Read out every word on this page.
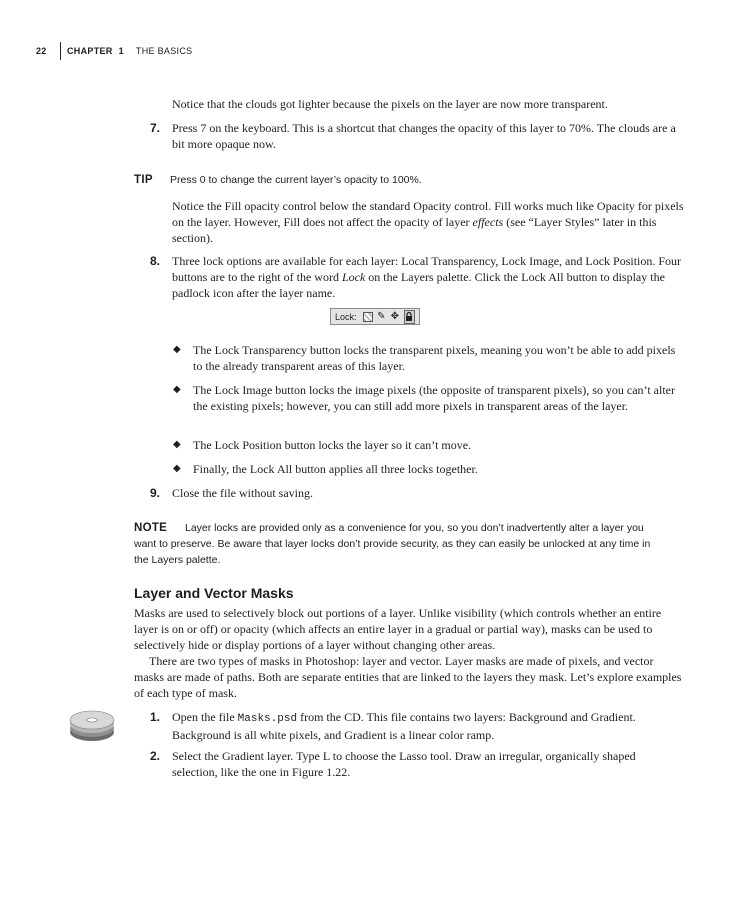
22	CHAPTER 1 THE BASICS

Notice that the clouds got lighter because the pixels on the layer are now more transparent.

7. Press 7 on the keyboard. This is a shortcut that changes the opacity of this layer to 70%. The clouds are a bit more opaque now.

TIP Press 0 to change the current layer’s opacity to 100%.

Notice the Fill opacity control below the standard Opacity control. Fill works much like Opacity for pixels on the layer. However, Fill does not affect the opacity of layer effects (see “Layer Styles” later in this section).

8. Three lock options are available for each layer: Local Transparency, Lock Image, and Lock Position. Four buttons are to the right of the word Lock on the Layers palette. Click the Lock All button to display the padlock icon after the layer name.

Lock: ✎ ✥
◆ The Lock Transparency button locks the transparent pixels, meaning you won’t be able to add pixels to the already transparent areas of this layer.

◆ The Lock Image button locks the image pixels (the opposite of transparent pixels), so you can’t alter the existing pixels; however, you can still add more pixels in transparent areas of the layer.

◆ The Lock Position button locks the layer so it can’t move.

◆ Finally, the Lock All button applies all three locks together.

9. Close the file without saving.

NOTE	Layer locks are provided only as a convenience for you, so you don’t inadvertently alter a layer you want to preserve. Be aware that layer locks don’t provide security, as they can easily be unlocked at any time in the Layers palette.

Layer and Vector Masks

Masks are used to selectively block out portions of a layer. Unlike visibility (which controls whether an entire layer is on or off) or opacity (which affects an entire layer in a gradual or partial way), masks can be used to selectively hide or display portions of a layer without changing other areas.

There are two types of masks in Photoshop: layer and vector. Layer masks are made of pixels, and vector masks are made of paths. Both are separate entities that are linked to the layers they mask. Let’s explore examples of each type of mask.

1. Open the file Masks.psd from the CD. This file contains two layers: Background and Gradient. Background is all white pixels, and Gradient is a linear color ramp.

2. Select the Gradient layer. Type L to choose the Lasso tool. Draw an irregular, organically shaped selection, like the one in Figure 1.22.
